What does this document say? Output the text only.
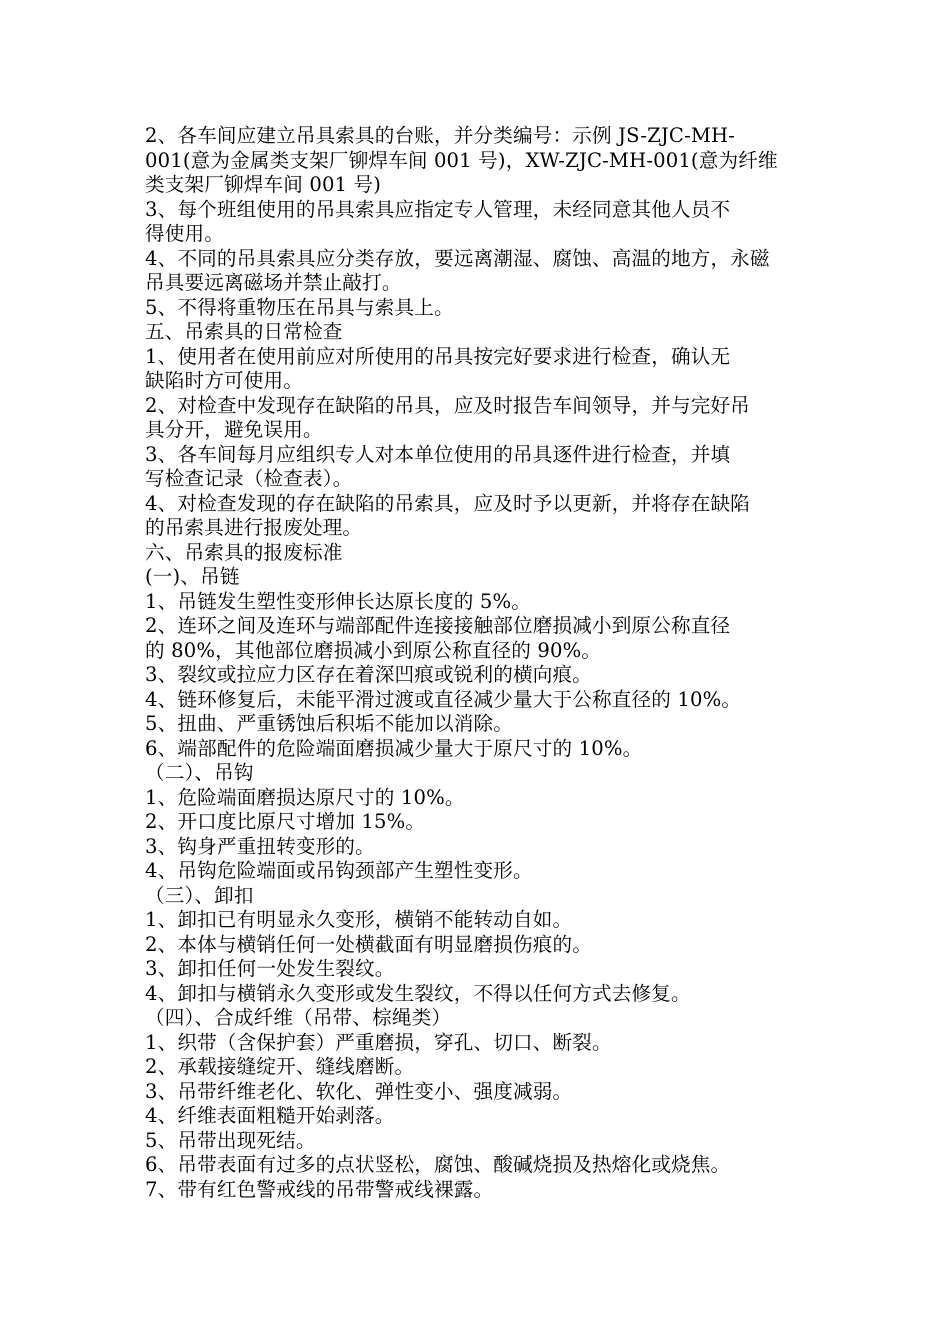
2、各车间应建立吊具索具的台账，并分类编号：示例 JS-ZJC-MH-
001(意为金属类支架厂铆焊车间 001 号)，XW-ZJC-MH-001(意为纤维
类支架厂铆焊车间 001 号)
3、每个班组使用的吊具索具应指定专人管理，未经同意其他人员不
得使用。
4、不同的吊具索具应分类存放，要远离潮湿、腐蚀、高温的地方，永磁
吊具要远离磁场并禁止敲打。
5、不得将重物压在吊具与索具上。
五、吊索具的日常检查
1、使用者在使用前应对所使用的吊具按完好要求进行检查，确认无
缺陷时方可使用。
2、对检查中发现存在缺陷的吊具，应及时报告车间领导，并与完好吊
具分开，避免误用。
3、各车间每月应组织专人对本单位使用的吊具逐件进行检查，并填
写检查记录（检查表）。
4、对检查发现的存在缺陷的吊索具，应及时予以更新，并将存在缺陷
的吊索具进行报废处理。
六、吊索具的报废标准
(一)、吊链
1、吊链发生塑性变形伸长达原长度的 5%。
2、连环之间及连环与端部配件连接接触部位磨损减小到原公称直径
的 80%，其他部位磨损减小到原公称直径的 90%。
3、裂纹或拉应力区存在着深凹痕或锐利的横向痕。
4、链环修复后，未能平滑过渡或直径减少量大于公称直径的 10%。
5、扭曲、严重锈蚀后积垢不能加以消除。
6、端部配件的危险端面磨损减少量大于原尺寸的 10%。
（二）、吊钩
1、危险端面磨损达原尺寸的 10%。
2、开口度比原尺寸增加 15%。
3、钩身严重扭转变形的。
4、吊钩危险端面或吊钩颈部产生塑性变形。
（三）、卸扣
1、卸扣已有明显永久变形，横销不能转动自如。
2、本体与横销任何一处横截面有明显磨损伤痕的。
3、卸扣任何一处发生裂纹。
4、卸扣与横销永久变形或发生裂纹，不得以任何方式去修复。
（四）、合成纤维（吊带、棕绳类）
1、织带（含保护套）严重磨损，穿孔、切口、断裂。
2、承载接缝绽开、缝线磨断。
3、吊带纤维老化、软化、弹性变小、强度减弱。
4、纤维表面粗糙开始剥落。
5、吊带出现死结。
6、吊带表面有过多的点状竖松，腐蚀、酸碱烧损及热熔化或烧焦。
7、带有红色警戒线的吊带警戒线裸露。
